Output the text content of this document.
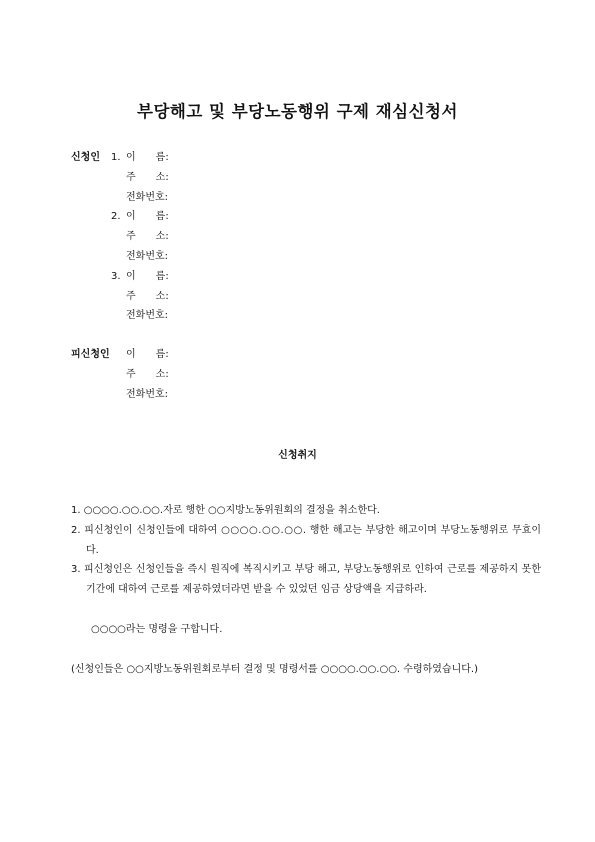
부당해고 및 부당노동행위 구제 재심신청서
신청인 1. 이　　름:
주　　소:
전화번호:
2. 이　　름:
주　　소:
전화번호:
3. 이　　름:
주　　소:
전화번호:
피신청인 이　　름:
주　　소:
전화번호:
신청취지
1. ○○○○.○○.○○.자로 행한 ○○지방노동위원회의 결정을 취소한다.
2. 피신청인이 신청인들에 대하여 ○○○○.○○.○○. 행한 해고는 부당한 해고이며 부당노동행위로 무효이다.
3. 피신청인은 신청인들을 즉시 원직에 복직시키고 부당 해고, 부당노동행위로 인하여 근로를 제공하지 못한 기간에 대하여 근로를 제공하였더라면 받을 수 있었던 임금 상당액을 지급하라.
○○○○라는 명령을 구합니다.
(신청인들은 ○○지방노동위원회로부터 결정 및 명령서를 ○○○○.○○.○○. 수령하였습니다.)
